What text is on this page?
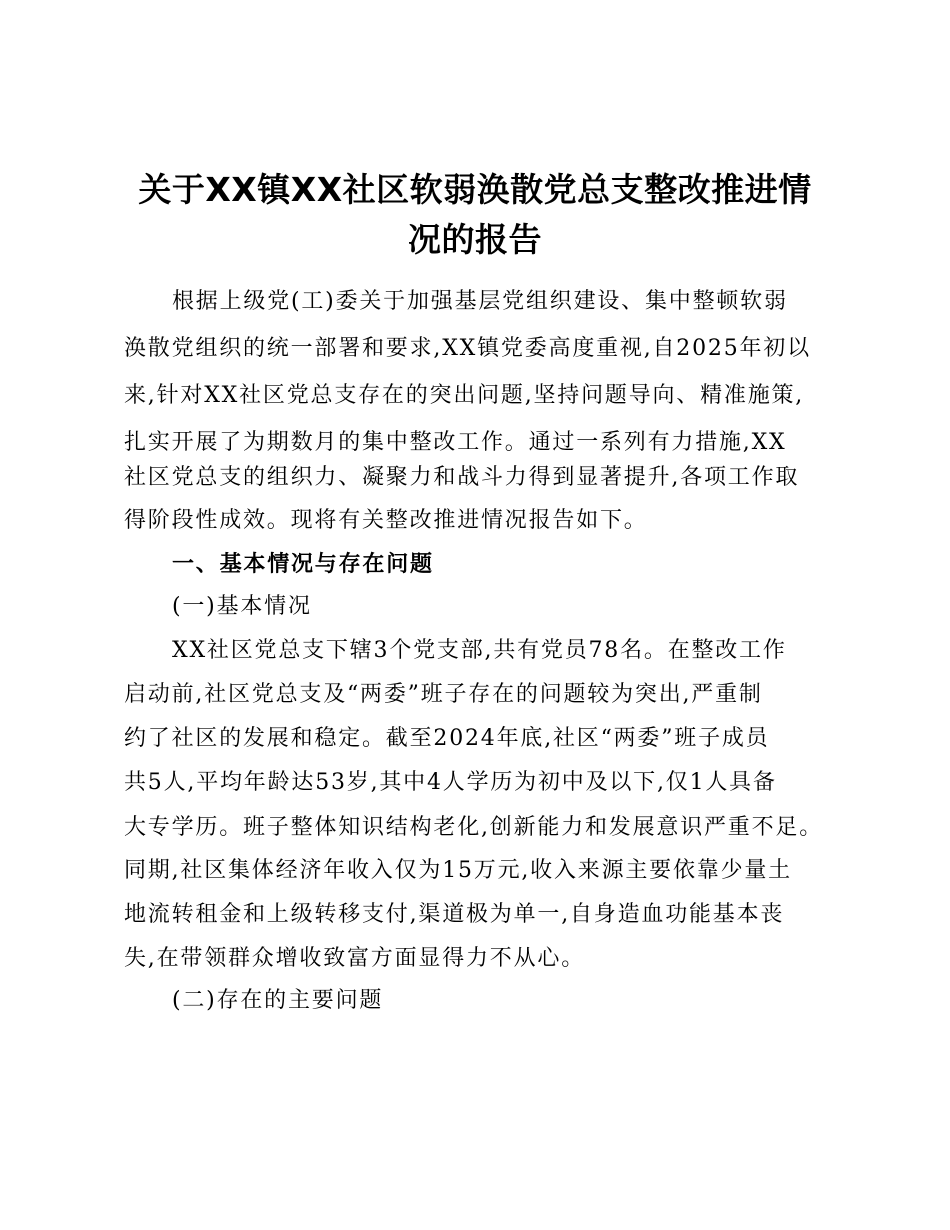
关于XX镇XX社区软弱涣散党总支整改推进情
况的报告
根据上级党(工)委关于加强基层党组织建设、集中整顿软弱
涣散党组织的统一部署和要求,XX镇党委高度重视,自2025年初以
来,针对XX社区党总支存在的突出问题,坚持问题导向、精准施策,
扎实开展了为期数月的集中整改工作。通过一系列有力措施,XX
社区党总支的组织力、凝聚力和战斗力得到显著提升,各项工作取
得阶段性成效。现将有关整改推进情况报告如下。
一、基本情况与存在问题
(一)基本情况
XX社区党总支下辖3个党支部,共有党员78名。在整改工作
启动前,社区党总支及“两委”班子存在的问题较为突出,严重制
约了社区的发展和稳定。截至2024年底,社区“两委”班子成员
共5人,平均年龄达53岁,其中4人学历为初中及以下,仅1人具备
大专学历。班子整体知识结构老化,创新能力和发展意识严重不足。
同期,社区集体经济年收入仅为15万元,收入来源主要依靠少量土
地流转租金和上级转移支付,渠道极为单一,自身造血功能基本丧
失,在带领群众增收致富方面显得力不从心。
(二)存在的主要问题
